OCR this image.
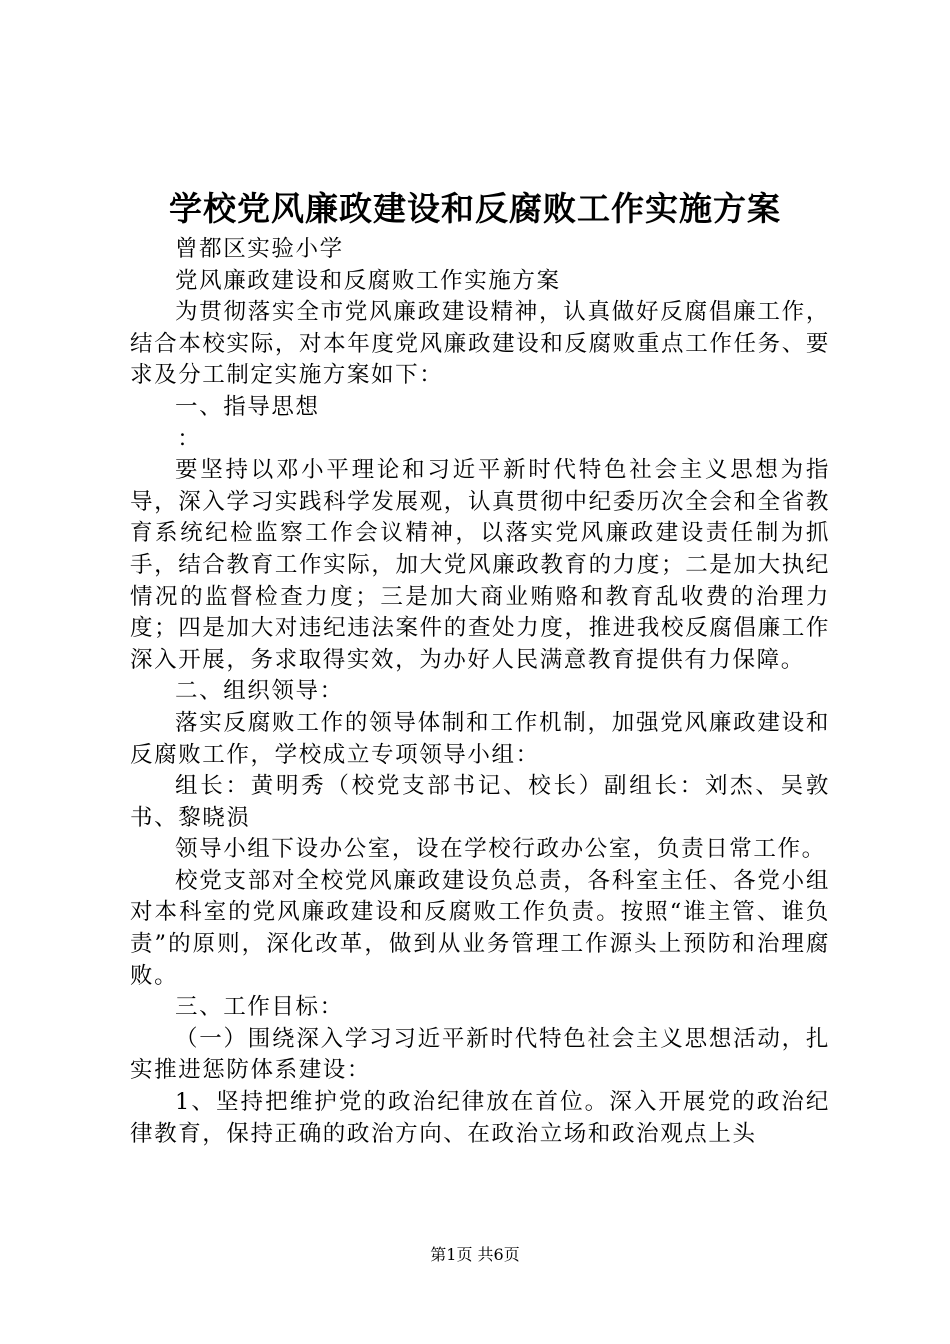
学校党风廉政建设和反腐败工作实施方案

曾都区实验小学

党风廉政建设和反腐败工作实施方案

为贯彻落实全市党风廉政建设精神，认真做好反腐倡廉工作，结合本校实际，对本年度党风廉政建设和反腐败重点工作任务、要求及分工制定实施方案如下：

一、指导思想

：

要坚持以邓小平理论和习近平新时代特色社会主义思想为指导，深入学习实践科学发展观，认真贯彻中纪委历次全会和全省教育系统纪检监察工作会议精神，以落实党风廉政建设责任制为抓手，结合教育工作实际，加大党风廉政教育的力度；二是加大执纪情况的监督检查力度；三是加大商业贿赂和教育乱收费的治理力度；四是加大对违纪违法案件的查处力度，推进我校反腐倡廉工作深入开展，务求取得实效，为办好人民满意教育提供有力保障。

二、组织领导：

落实反腐败工作的领导体制和工作机制，加强党风廉政建设和反腐败工作，学校成立专项领导小组：

组长：黄明秀（校党支部书记、校长）副组长：刘杰、吴敦书、黎晓涢

领导小组下设办公室，设在学校行政办公室，负责日常工作。

校党支部对全校党风廉政建设负总责，各科室主任、各党小组对本科室的党风廉政建设和反腐败工作负责。按照“谁主管、谁负责”的原则，深化改革，做到从业务管理工作源头上预防和治理腐败。

三、工作目标：

（一）围绕深入学习习近平新时代特色社会主义思想活动，扎实推进惩防体系建设：

1、坚持把维护党的政治纪律放在首位。深入开展党的政治纪律教育，保持正确的政治方向、在政治立场和政治观点上头

第1页 共6页
